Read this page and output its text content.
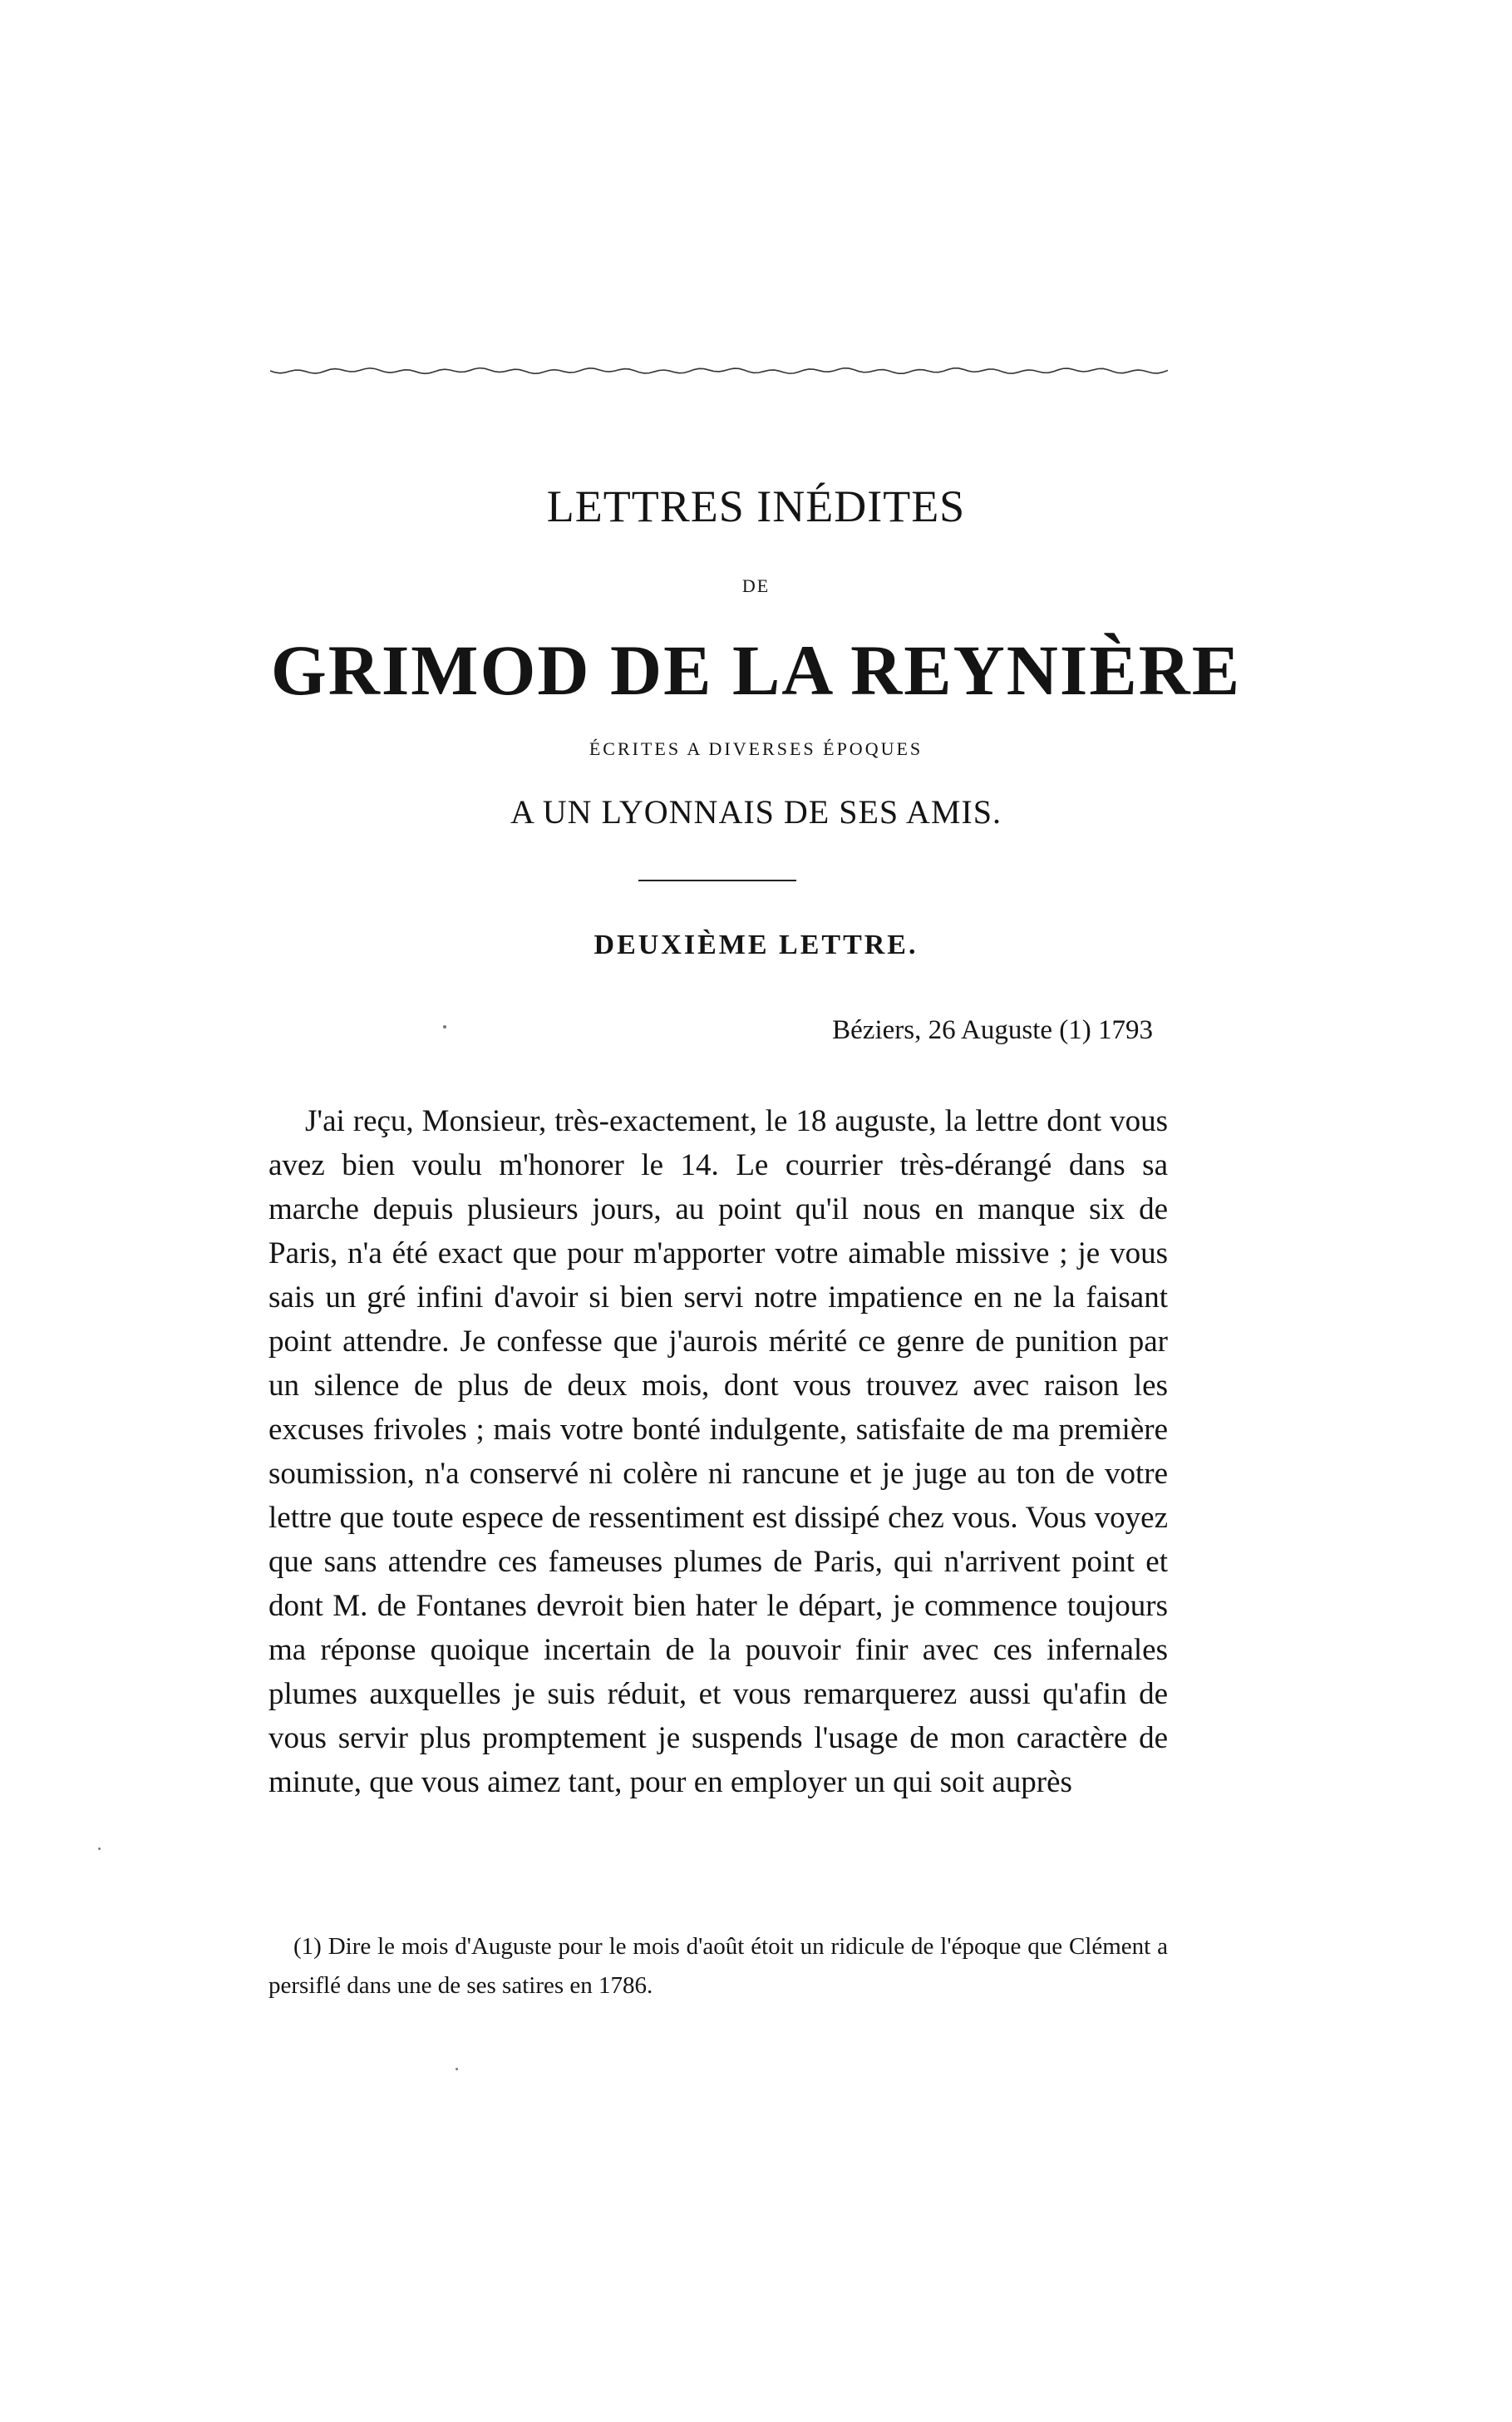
LETTRES INÉDITES
DE
GRIMOD DE LA REYNIÈRE
ÉCRITES A DIVERSES ÉPOQUES
A UN LYONNAIS DE SES AMIS.
DEUXIÈME LETTRE.
Béziers, 26 Auguste (1) 1793
J'ai reçu, Monsieur, très-exactement, le 18 auguste, la lettre dont vous avez bien voulu m'honorer le 14. Le courrier très-dérangé dans sa marche depuis plusieurs jours, au point qu'il nous en manque six de Paris, n'a été exact que pour m'apporter votre aimable missive ; je vous sais un gré infini d'avoir si bien servi notre impatience en ne la faisant point attendre. Je confesse que j'aurois mérité ce genre de punition par un silence de plus de deux mois, dont vous trouvez avec raison les excuses frivoles ; mais votre bonté indulgente, satisfaite de ma première soumission, n'a conservé ni colère ni rancune et je juge au ton de votre lettre que toute espece de ressentiment est dissipé chez vous. Vous voyez que sans attendre ces fameuses plumes de Paris, qui n'arrivent point et dont M. de Fontanes devroit bien hater le départ, je commence toujours ma réponse quoique incertain de la pouvoir finir avec ces infernales plumes auxquelles je suis réduit, et vous remarquerez aussi qu'afin de vous servir plus promptement je suspends l'usage de mon caractère de minute, que vous aimez tant, pour en employer un qui soit auprès
(1) Dire le mois d'Auguste pour le mois d'août étoit un ridicule de l'époque que Clément a persiflé dans une de ses satires en 1786.
